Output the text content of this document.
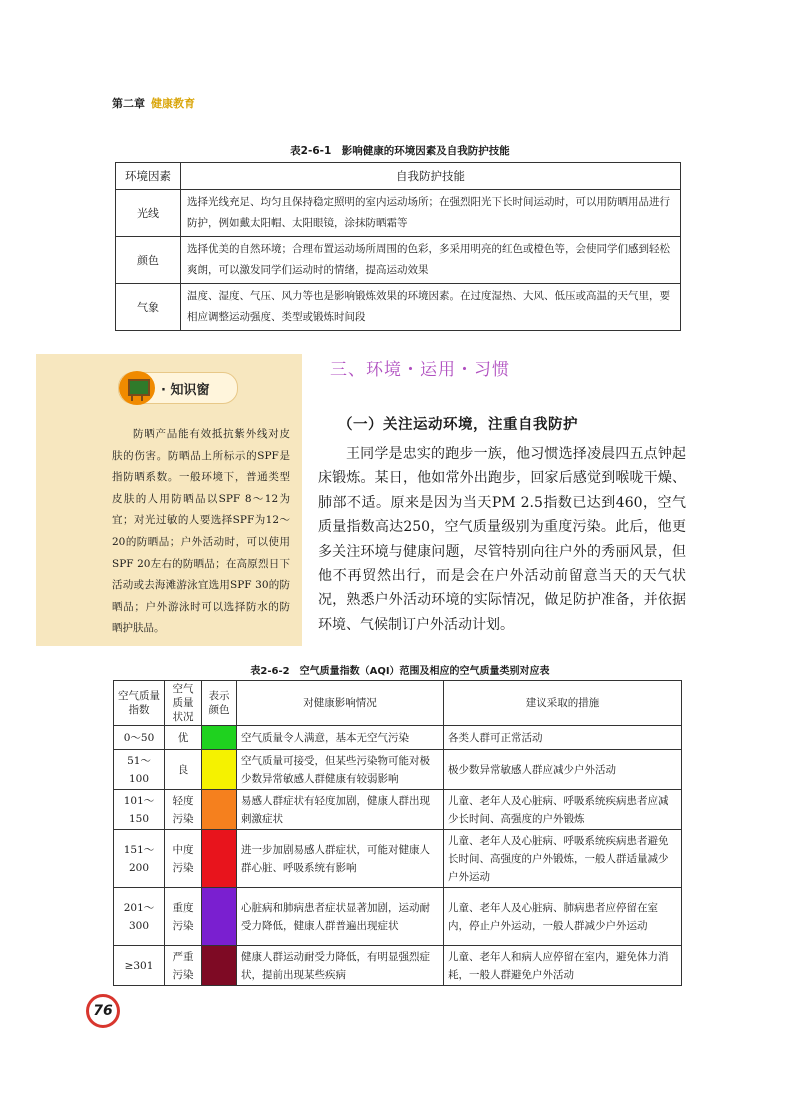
第二章 健康教育
表2-6-1　影响健康的环境因素及自我防护技能
环境因素	自我防护技能
光线	选择光线充足、均匀且保持稳定照明的室内运动场所；在强烈阳光下长时间运动时，可以用防晒用品进行防护，例如戴太阳帽、太阳眼镜，涂抹防晒霜等
颜色	选择优美的自然环境；合理布置运动场所周围的色彩，多采用明亮的红色或橙色等，会使同学们感到轻松爽朗，可以激发同学们运动时的情绪，提高运动效果
气象	温度、湿度、气压、风力等也是影响锻炼效果的环境因素。在过度湿热、大风、低压或高温的天气里，要相应调整运动强度、类型或锻炼时间段
· 知识窗
防晒产品能有效抵抗紫外线对皮肤的伤害。防晒品上所标示的SPF是指防晒系数。一般环境下，普通类型皮肤的人用防晒品以SPF 8～12为宜；对光过敏的人要选择SPF为12～20的防晒品；户外活动时，可以使用SPF 20左右的防晒品；在高原烈日下活动或去海滩游泳宜选用SPF 30的防晒品；户外游泳时可以选择防水的防晒护肤品。
三、环境・运用・习惯
（一）关注运动环境，注重自我防护
王同学是忠实的跑步一族，他习惯选择凌晨四五点钟起床锻炼。某日，他如常外出跑步，回家后感觉到喉咙干燥、肺部不适。原来是因为当天PM 2.5指数已达到460，空气质量指数高达250，空气质量级别为重度污染。此后，他更多关注环境与健康问题，尽管特别向往户外的秀丽风景，但他不再贸然出行，而是会在户外活动前留意当天的天气状况，熟悉户外活动环境的实际情况，做足防护准备，并依据环境、气候制订户外活动计划。
表2-6-2　空气质量指数（AQI）范围及相应的空气质量类别对应表
空气质量指数	空气质量状况	表示颜色	对健康影响情况	建议采取的措施
0～50	优		空气质量令人满意，基本无空气污染	各类人群可正常活动
51～100	良		空气质量可接受，但某些污染物可能对极少数异常敏感人群健康有较弱影响	极少数异常敏感人群应减少户外活动
101～150	轻度污染		易感人群症状有轻度加剧，健康人群出现刺激症状	儿童、老年人及心脏病、呼吸系统疾病患者应减少长时间、高强度的户外锻炼
151～200	中度污染		进一步加剧易感人群症状，可能对健康人群心脏、呼吸系统有影响	儿童、老年人及心脏病、呼吸系统疾病患者避免长时间、高强度的户外锻炼，一般人群适量减少户外运动
201～300	重度污染		心脏病和肺病患者症状显著加剧，运动耐受力降低，健康人群普遍出现症状	儿童、老年人及心脏病、肺病患者应停留在室内，停止户外运动，一般人群减少户外运动
≥301	严重污染		健康人群运动耐受力降低，有明显强烈症状，提前出现某些疾病	儿童、老年人和病人应停留在室内，避免体力消耗，一般人群避免户外活动
76
